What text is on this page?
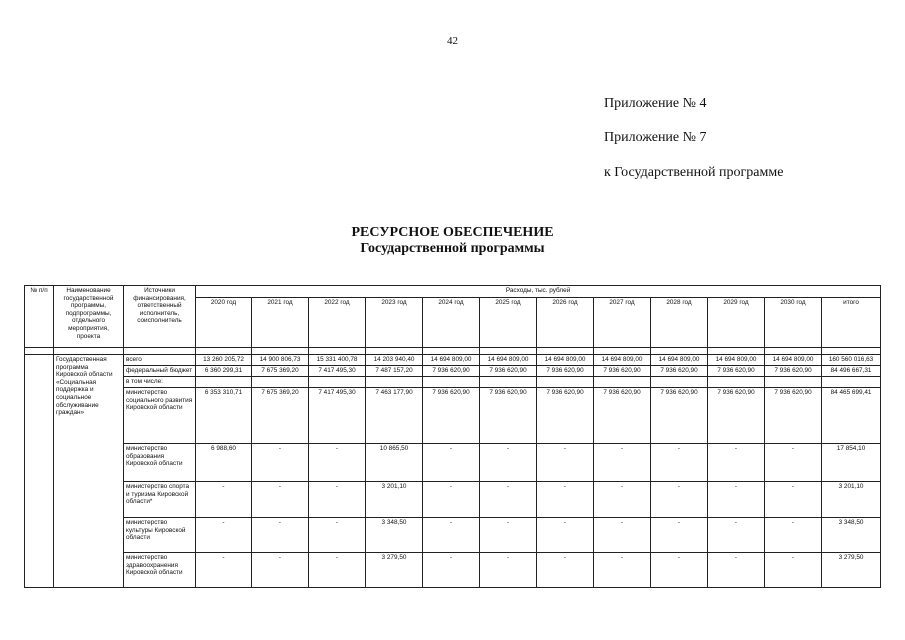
42
Приложение № 4
Приложение № 7
к Государственной программе
РЕСУРСНОЕ ОБЕСПЕЧЕНИЕ
Государственной программы
№ п/п	Наименование государственной программы, подпрограммы, отдельного мероприятия, проекта	Источники финансирования, ответственный исполнитель, соисполнитель	Расходы, тыс. рублей											
			2020 год	2021 год	2022 год	2023 год	2024 год	2025 год	2026 год	2027 год	2028 год	2029 год	2030 год	итого

	Государственная программа Кировской области «Социальная поддержка и социальное обслуживание граждан»	всего	13 260 205,72	14 900 806,73	15 331 400,78	14 203 940,40	14 694 809,00	14 694 809,00	14 694 809,00	14 694 809,00	14 694 809,00	14 694 809,00	14 694 809,00	160 560 016,63
		федеральный бюджет	6 360 299,31	7 675 369,20	7 417 495,30	7 487 157,20	7 936 620,90	7 936 620,90	7 936 620,90	7 936 620,90	7 936 620,90	7 936 620,90	7 936 620,90	84 496 667,31
		в том числе:												
		министерство социального развития Кировской области	6 353 310,71	7 675 369,20	7 417 495,30	7 463 177,90	7 936 620,90	7 936 620,90	7 936 620,90	7 936 620,90	7 936 620,90	7 936 620,90	7 936 620,90	84 465 699,41
		министерство образования Кировской области	6 988,60	-	-	10 865,50	-	-	-	-	-	-	-	17 854,10
		министерство спорта и туризма Кировской области*	-	-	-	3 201,10	-	-	-	-	-	-	-	3 201,10
		министерство культуры Кировской области	-	-	-	3 348,50	-	-	-	-	-	-	-	3 348,50
		министерство здравоохранения Кировской области	-	-	-	3 279,50	-	-	-	-	-	-	-	3 279,50
